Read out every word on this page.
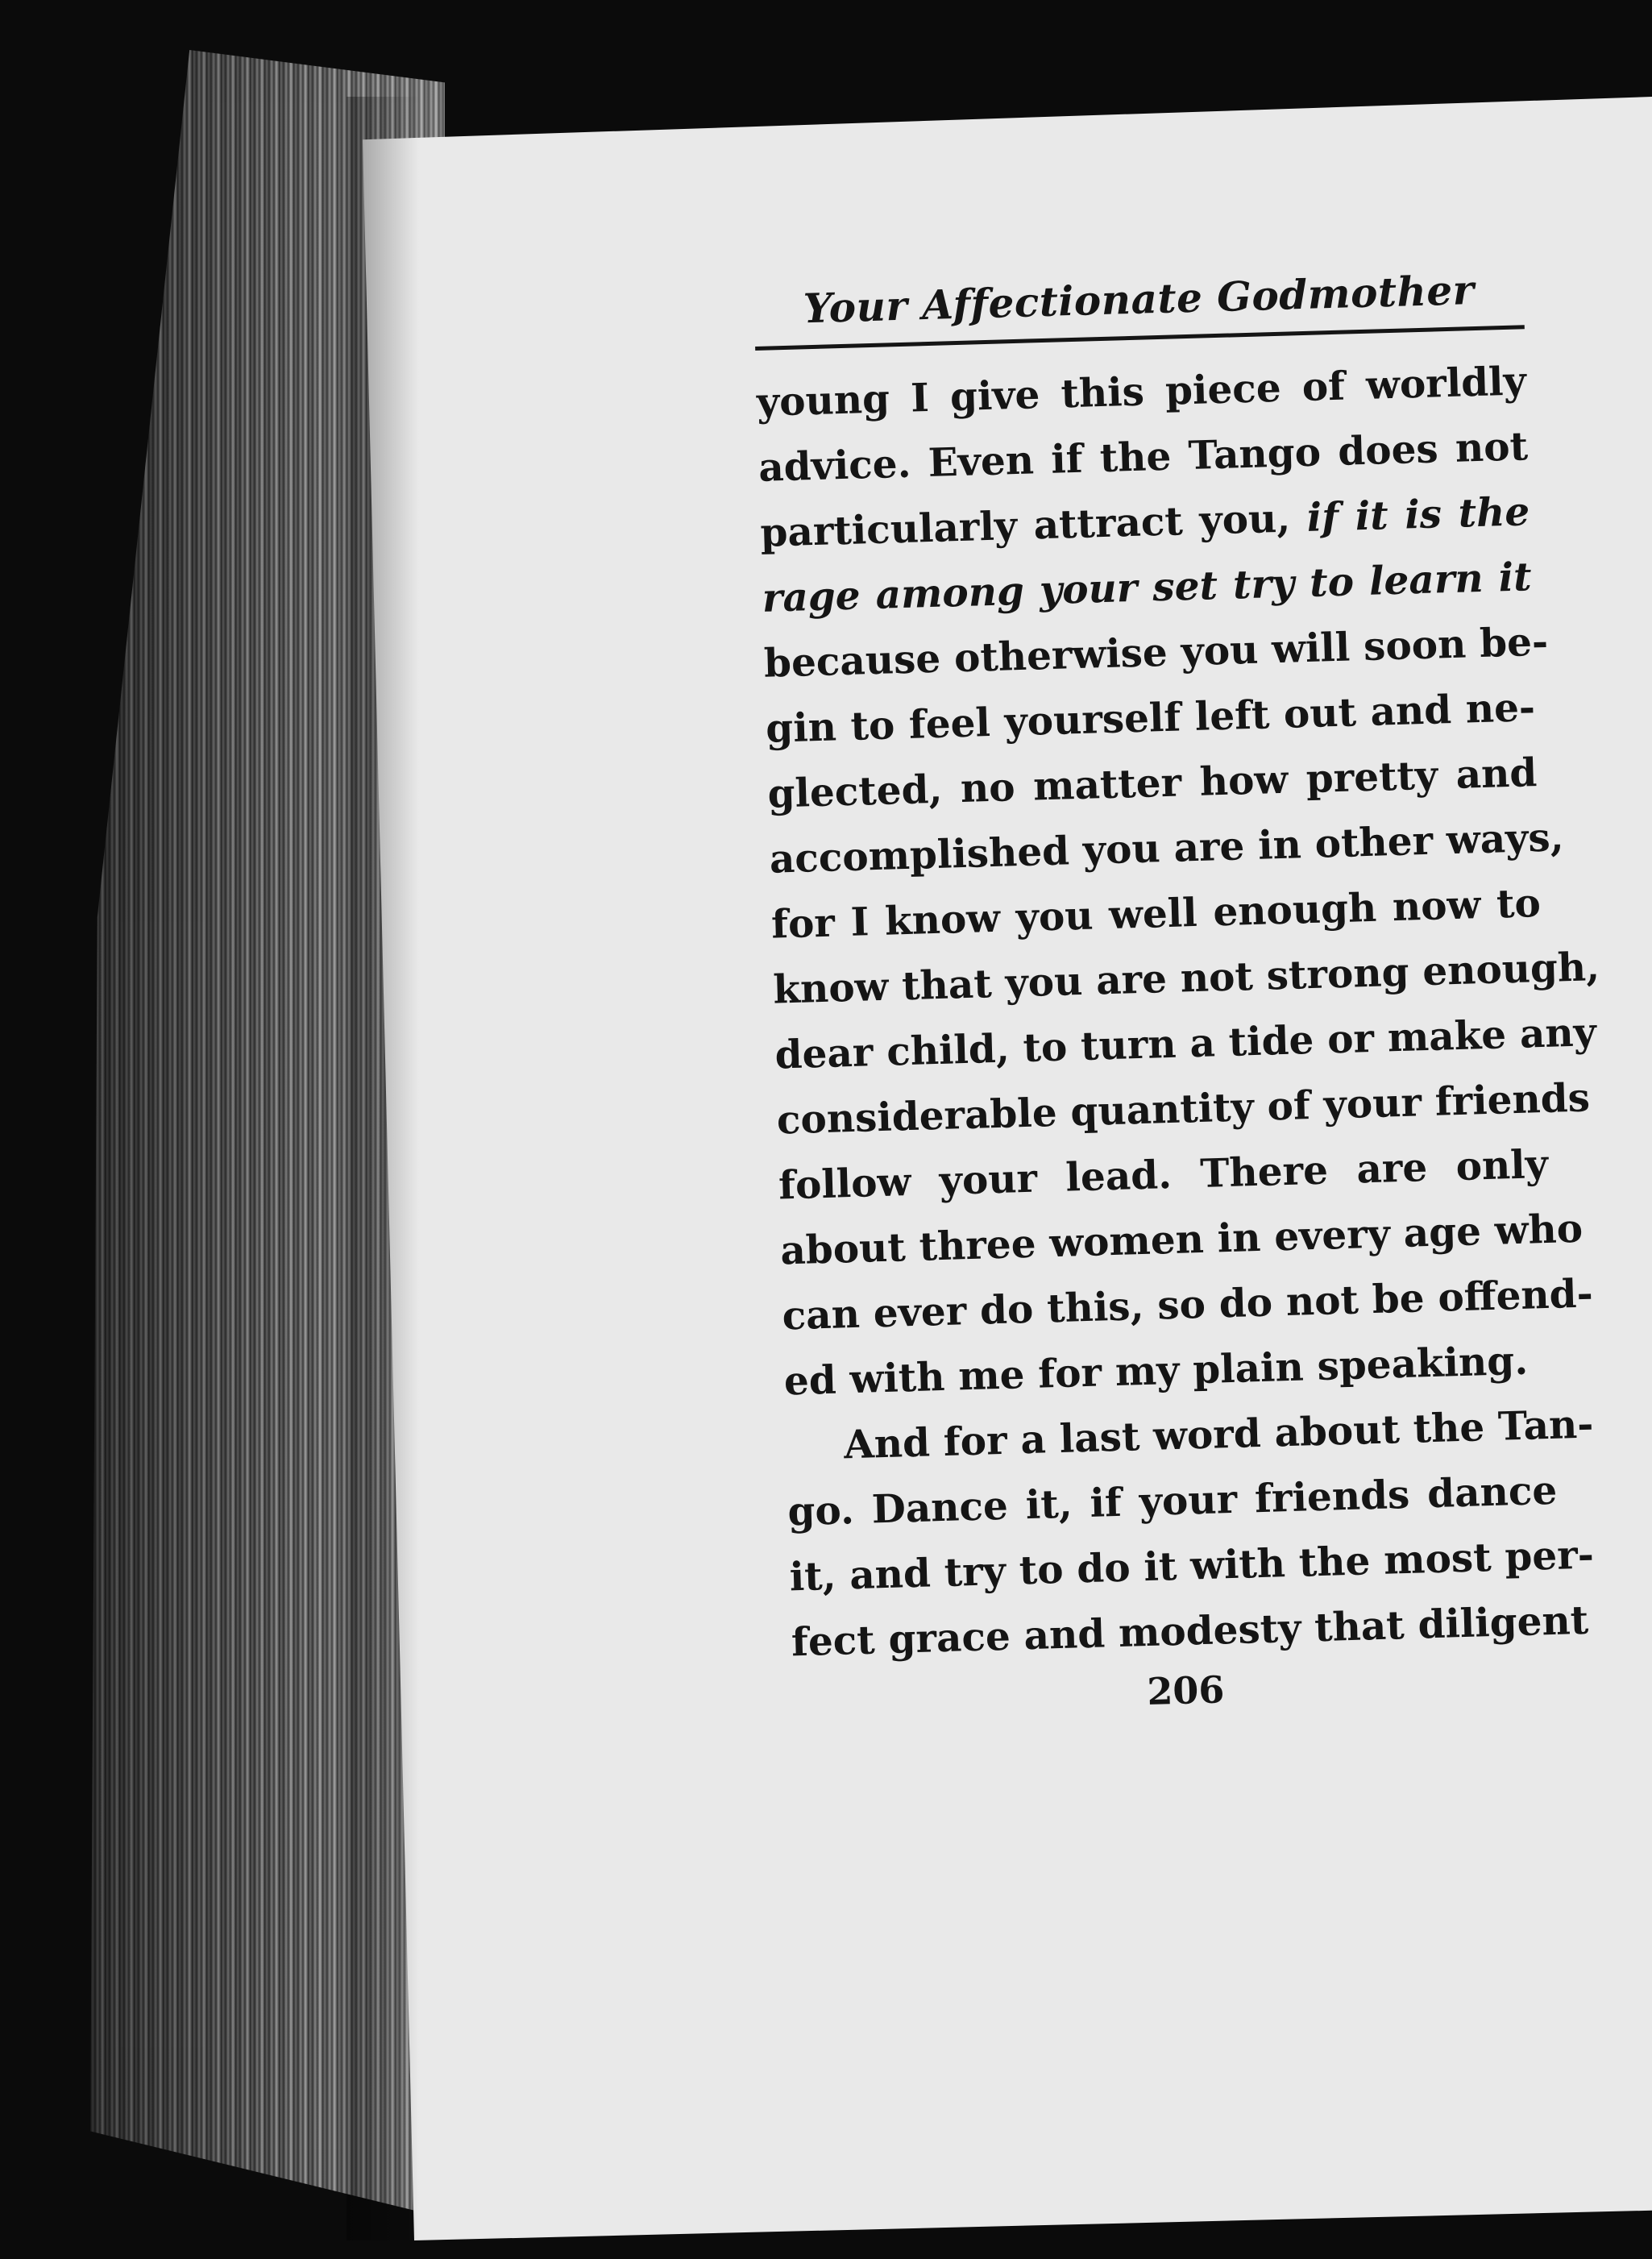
Your Affectionate Godmother

young I give this piece of worldly

advice. Even if the Tango does not

particularly attract you, if it is the

rage among your set try to learn it

because otherwise you will soon be-

gin to feel yourself left out and ne-

glected, no matter how pretty and

accomplished you are in other ways,

for I know you well enough now to

know that you are not strong enough,

dear child, to turn a tide or make any

considerable quantity of your friends

follow your lead. There are only

about three women in every age who

can ever do this, so do not be offend-

ed with me for my plain speaking.

And for a last word about the Tan-

go. Dance it, if your friends dance

it, and try to do it with the most per-

fect grace and modesty that diligent

206
